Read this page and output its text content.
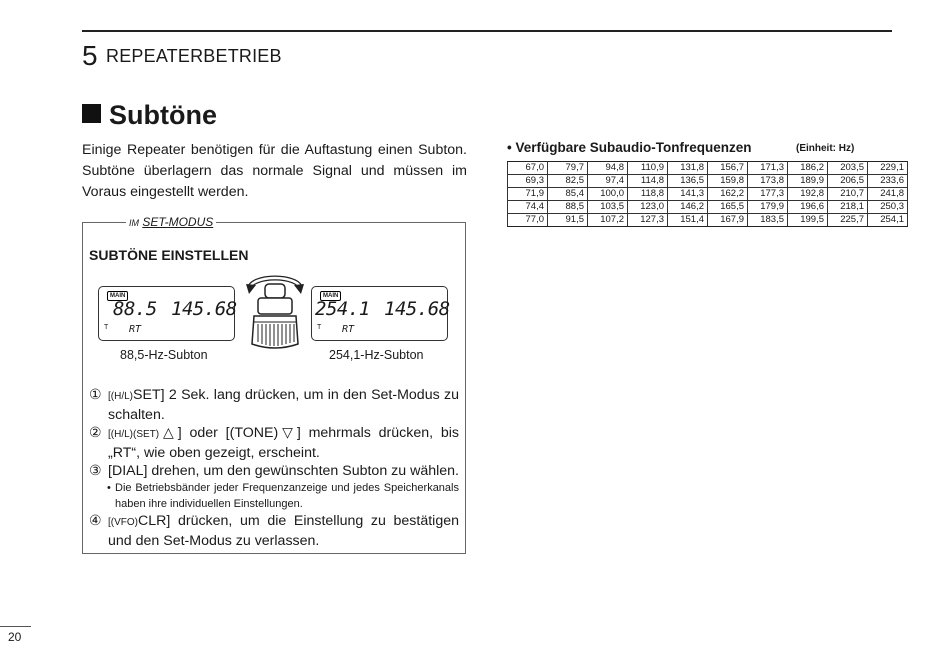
5 REPEATERBETRIEB
Subtöne
Einige Repeater benötigen für die Auftastung einen Subton. Subtöne überlagern das normale Signal und müssen im Voraus eingestellt werden.
IM SET-MODUS
SUBTÖNE EINSTELLEN
MAIN
88.5 145.68
T RT
MAIN
254.1 145.68
T RT
88,5-Hz-Subton	254,1-Hz-Subton
① [(H/L)SET] 2 Sek. lang drücken, um in den Set-Modus zu schalten.
② [(H/L)(SET)△] oder [(TONE)▽] mehrmals drücken, bis „RT“, wie oben gezeigt, erscheint.
③ [DIAL] drehen, um den gewünschten Subton zu wählen.
• Die Betriebsbänder jeder Frequenzanzeige und jedes Speicherkanals haben ihre individuellen Einstellungen.
④ [(VFO)CLR] drücken, um die Einstellung zu bestätigen und den Set-Modus zu verlassen.
• Verfügbare Subaudio-Tonfrequenzen	(Einheit: Hz)
67,0	79,7	94,8	110,9	131,8	156,7	171,3	186,2	203,5	229,1
69,3	82,5	97,4	114,8	136,5	159,8	173,8	189,9	206,5	233,6
71,9	85,4	100,0	118,8	141,3	162,2	177,3	192,8	210,7	241,8
74,4	88,5	103,5	123,0	146,2	165,5	179,9	196,6	218,1	250,3
77,0	91,5	107,2	127,3	151,4	167,9	183,5	199,5	225,7	254,1
20
